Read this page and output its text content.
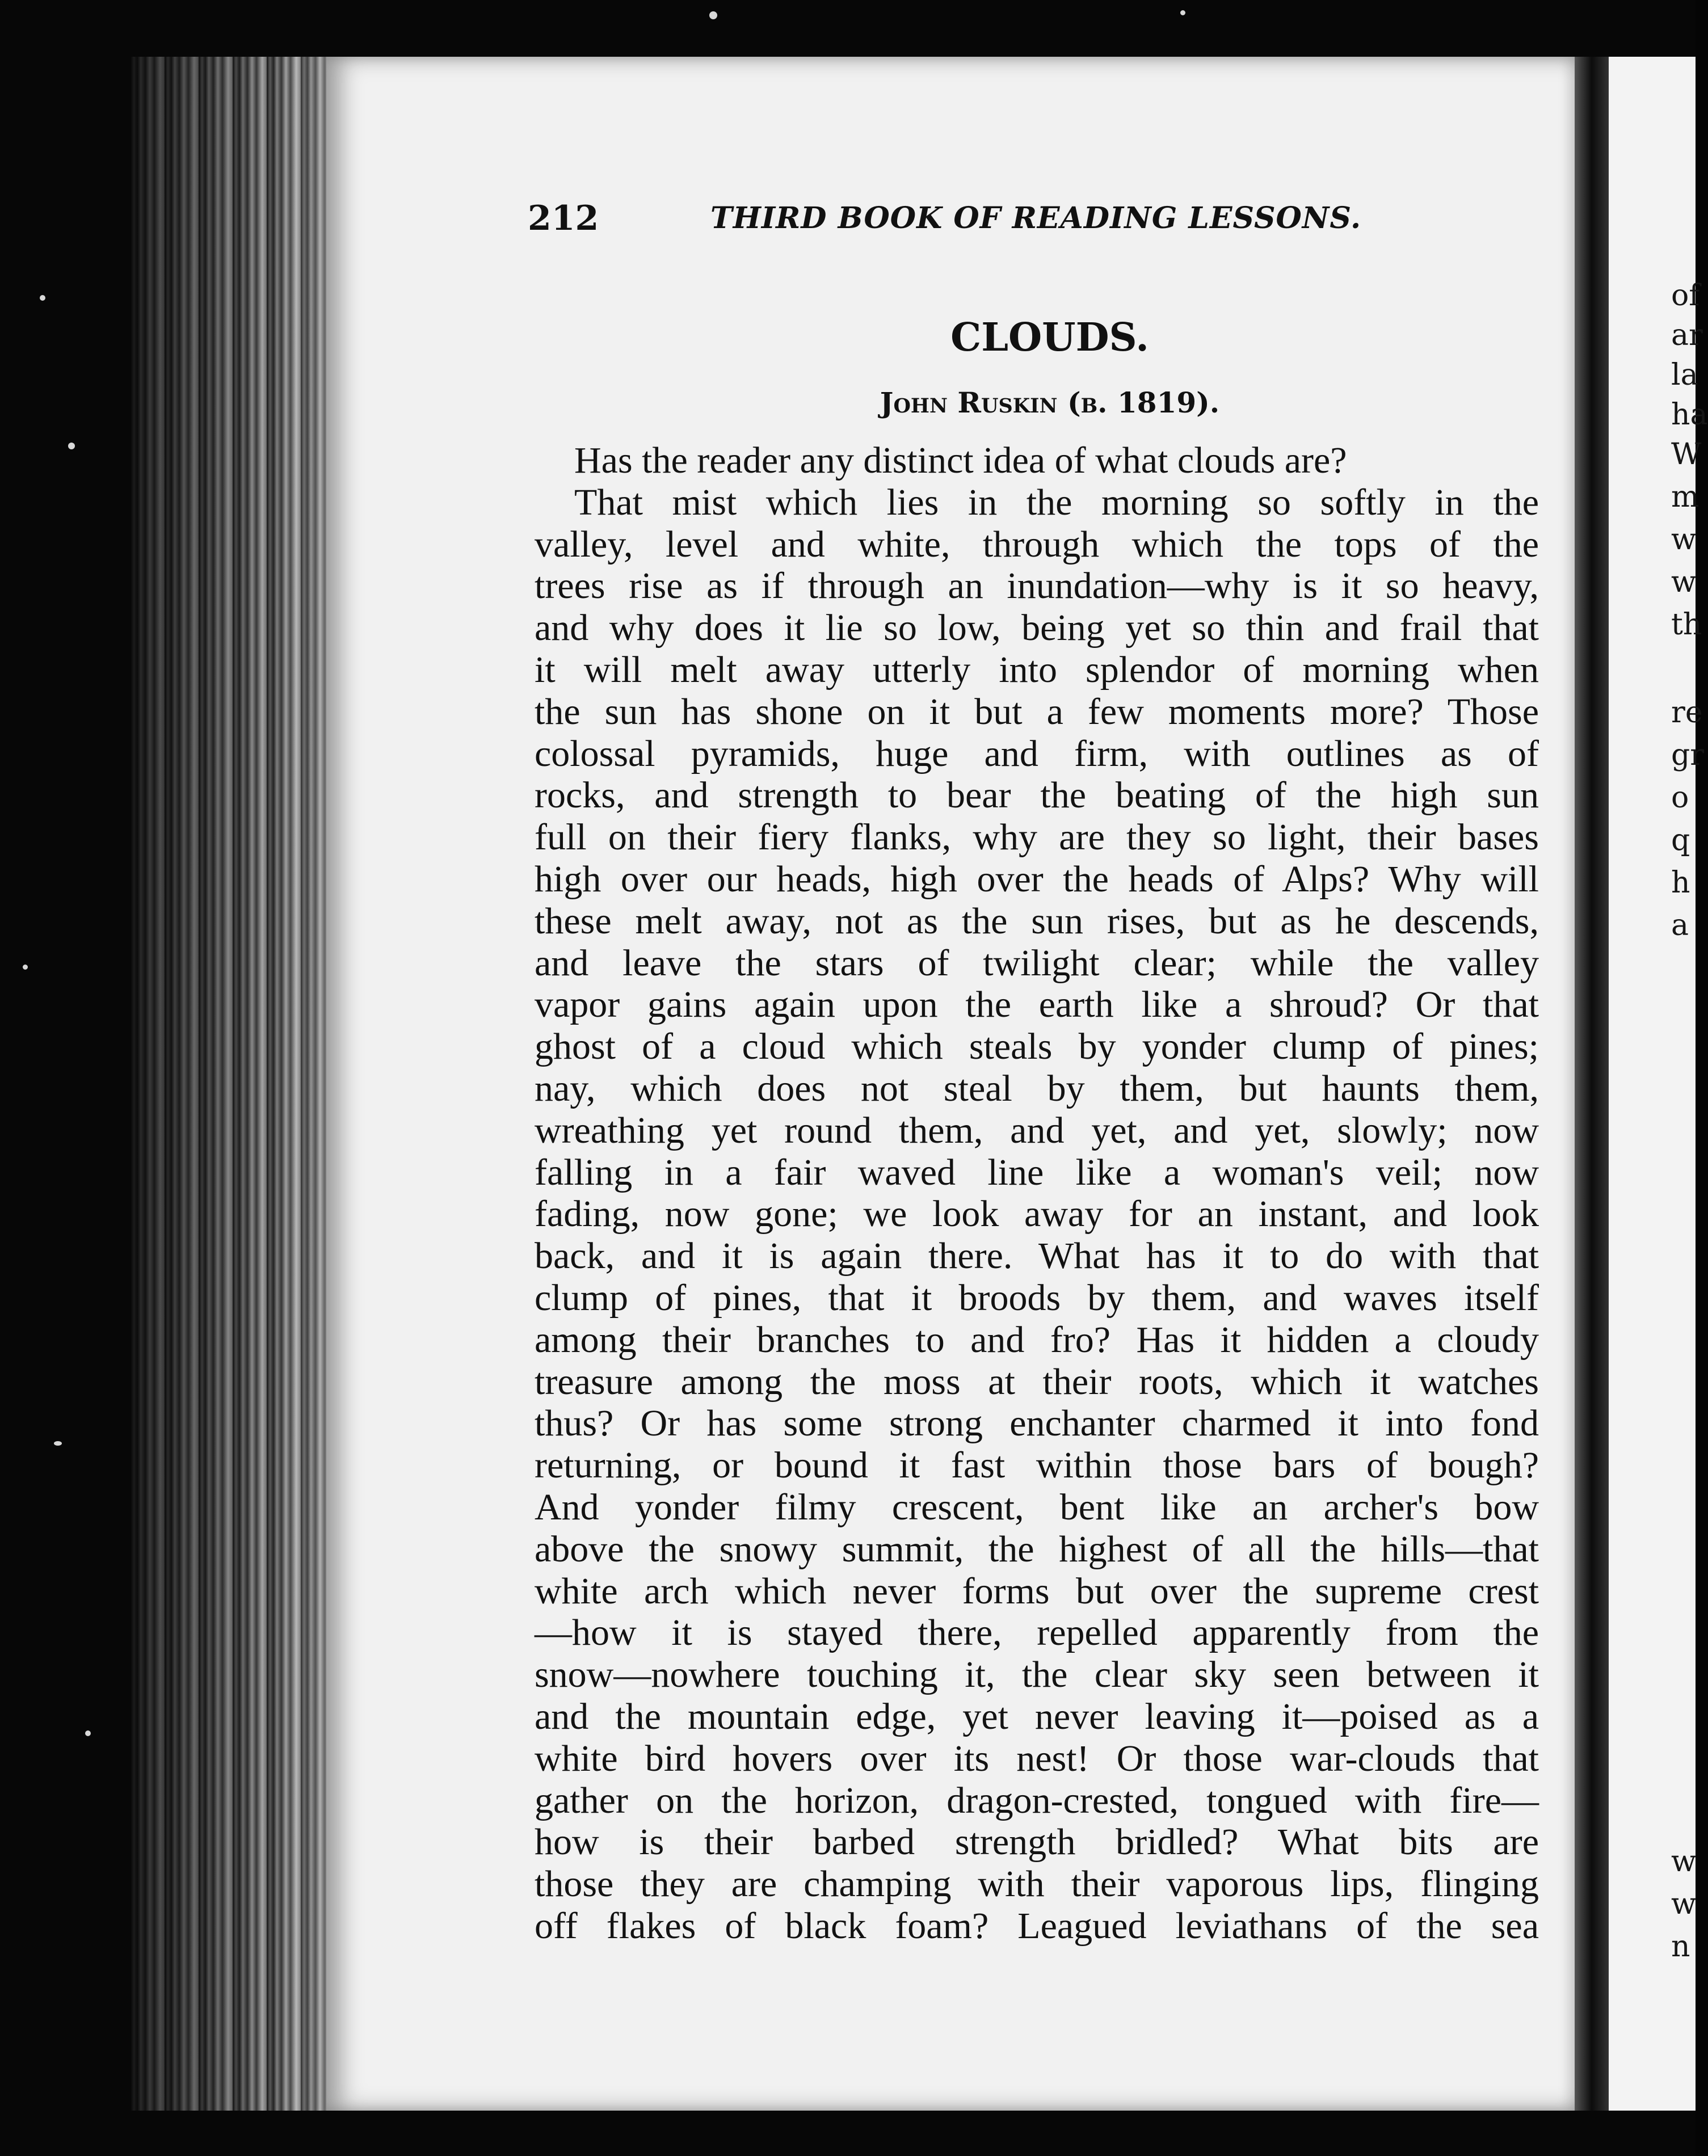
212	THIRD BOOK OF READING LESSONS.
CLOUDS.
John Ruskin (b. 1819).
Has the reader any distinct idea of what clouds are?
That mist which lies in the morning so softly in the
valley, level and white, through which the tops of the
trees rise as if through an inundation—why is it so heavy,
and why does it lie so low, being yet so thin and frail that
it will melt away utterly into splendor of morning when
the sun has shone on it but a few moments more? Those
colossal pyramids, huge and firm, with outlines as of
rocks, and strength to bear the beating of the high sun
full on their fiery flanks, why are they so light, their bases
high over our heads, high over the heads of Alps? Why will
these melt away, not as the sun rises, but as he descends,
and leave the stars of twilight clear; while the valley
vapor gains again upon the earth like a shroud? Or that
ghost of a cloud which steals by yonder clump of pines;
nay, which does not steal by them, but haunts them,
wreathing yet round them, and yet, and yet, slowly; now
falling in a fair waved line like a woman's veil; now
fading, now gone; we look away for an instant, and look
back, and it is again there. What has it to do with that
clump of pines, that it broods by them, and waves itself
among their branches to and fro? Has it hidden a cloudy
treasure among the moss at their roots, which it watches
thus? Or has some strong enchanter charmed it into fond
returning, or bound it fast within those bars of bough?
And yonder filmy crescent, bent like an archer's bow
above the snowy summit, the highest of all the hills—that
white arch which never forms but over the supreme crest
—how it is stayed there, repelled apparently from the
snow—nowhere touching it, the clear sky seen between it
and the mountain edge, yet never leaving it—poised as a
white bird hovers over its nest! Or those war-clouds that
gather on the horizon, dragon-crested, tongued with fire—
how is their barbed strength bridled? What bits are
those they are champing with their vaporous lips, flinging
off flakes of black foam? Leagued leviathans of the sea
of
ar
la
ha
W
m
w
w
th
re
gr
o
q
h
a
w
w
n
